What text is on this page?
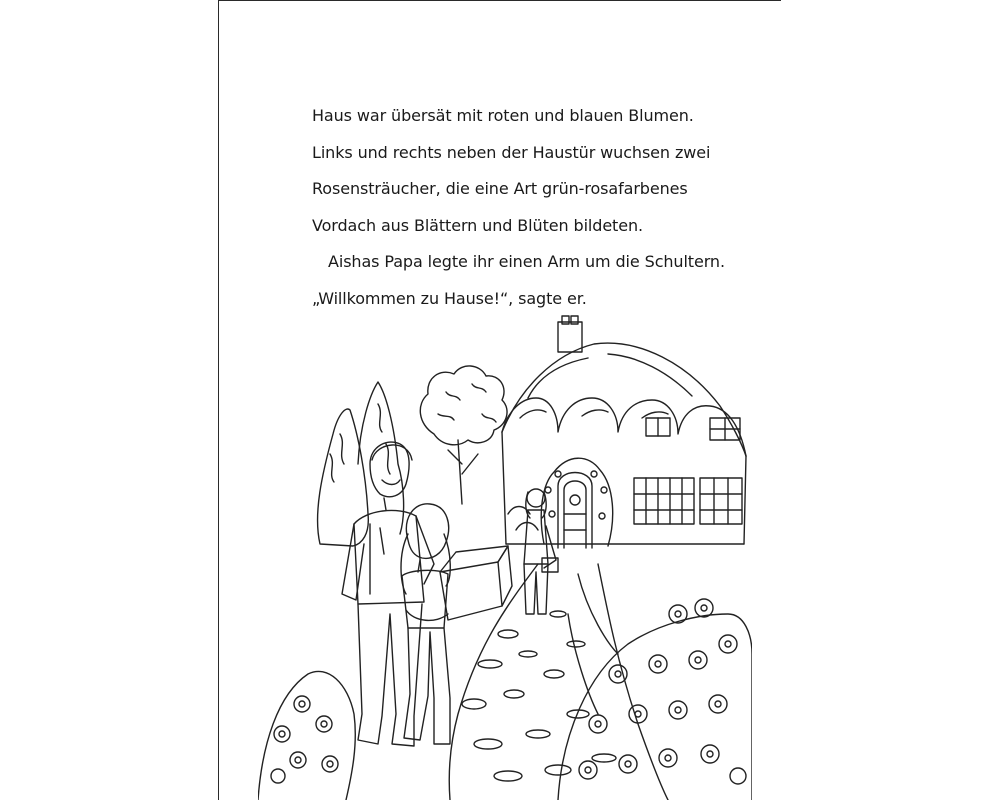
Haus war übersät mit roten und blauen Blumen.
Links und rechts neben der Haustür wuchsen zwei
Rosensträucher, die eine Art grün-rosafarbenes
Vordach aus Blättern und Blüten bildeten.
Aishas Papa legte ihr einen Arm um die Schultern.
„Willkommen zu Hause!“, sagte er.
